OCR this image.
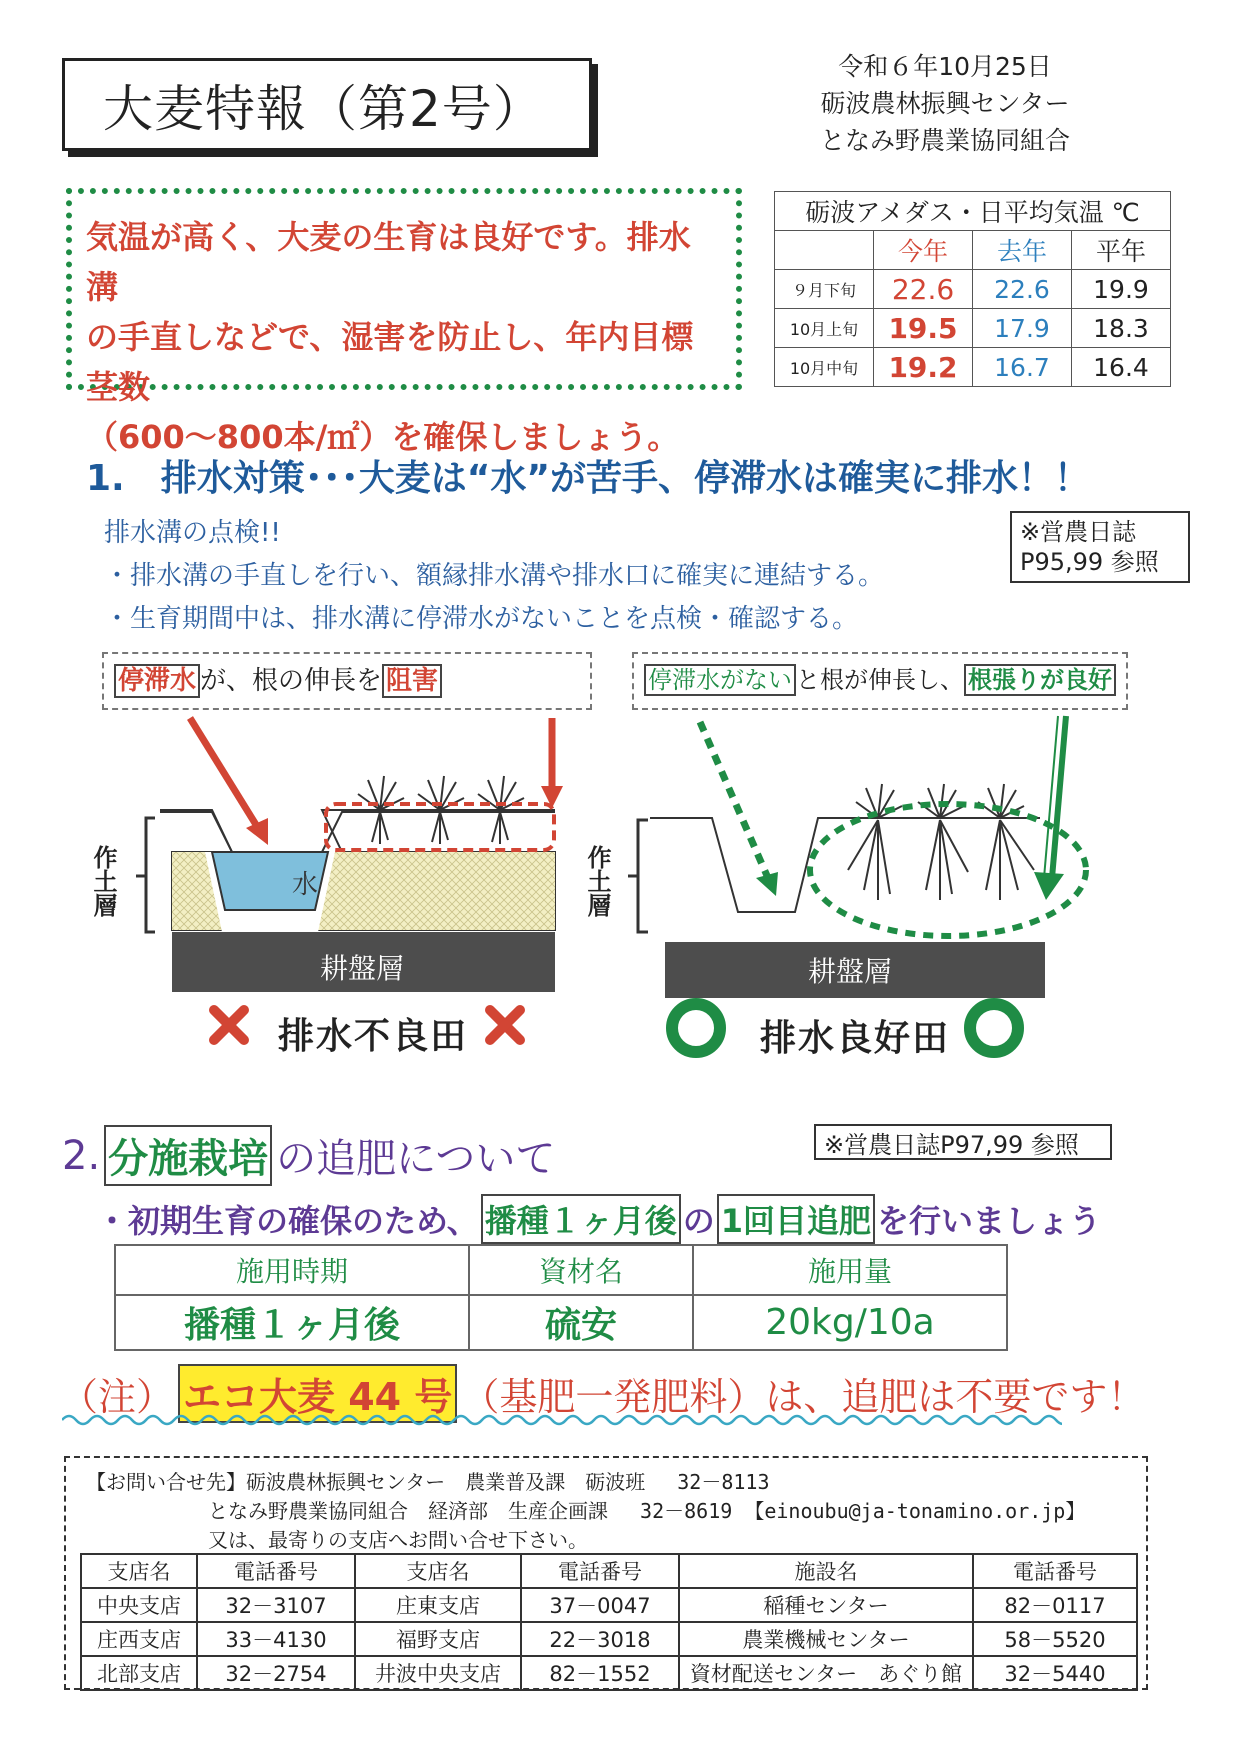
大麦特報（第2号）
令和６年10月25日
砺波農林振興センター
となみ野農業協同組合

気温が高く、大麦の生育は良好です。排水溝

の手直しなどで、湿害を防止し、年内目標茎数

（600～800本/㎡）を確保しましょう。

砺波アメダス・日平均気温 ℃			
	今年	去年	平年
９月下旬	22.6	22.6	19.9
10月上旬	19.5	17.9	18.3
10月中旬	19.2	16.7	16.4
1.　排水対策･･･大麦は“水”が苦手、停滞水は確実に排水！！
排水溝の点検!!
・排水溝の手直しを行い、額縁排水溝や排水口に確実に連結する。
・生育期間中は、排水溝に停滞水がないことを点検・確認する。
※営農日誌
P95,99 参照
停滞水 が、根の伸長を 阻害	停滞水がない と根が伸長し、 根張りが良好
水
作土層	作土層
耕盤層	耕盤層
排水不良田	排水良好田
2. 分施栽培 の追肥について	※営農日誌P97,99 参照
・初期生育の確保のため、 播種１ヶ月後 の 1回目追肥 を行いましょう
施用時期	資材名	施用量
播種１ヶ月後	硫安	20kg/10a
（注） エコ大麦 44 号 （基肥一発肥料）は、追肥は不要です！
【お問い合せ先】砺波農林振興センター　農業普及課　砺波班　 32－8113
となみ野農業協同組合　経済部　生産企画課　 32－8619 【einoubu@ja-tonamino.or.jp】
又は、最寄りの支店へお問い合せ下さい。
支店名	電話番号	支店名	電話番号	施設名	電話番号
中央支店	32－3107	庄東支店	37－0047	稲種センター	82－0117
庄西支店	33－4130	福野支店	22－3018	農業機械センター	58－5520
北部支店	32－2754	井波中央支店	82－1552	資材配送センター　あぐり館	32－5440
